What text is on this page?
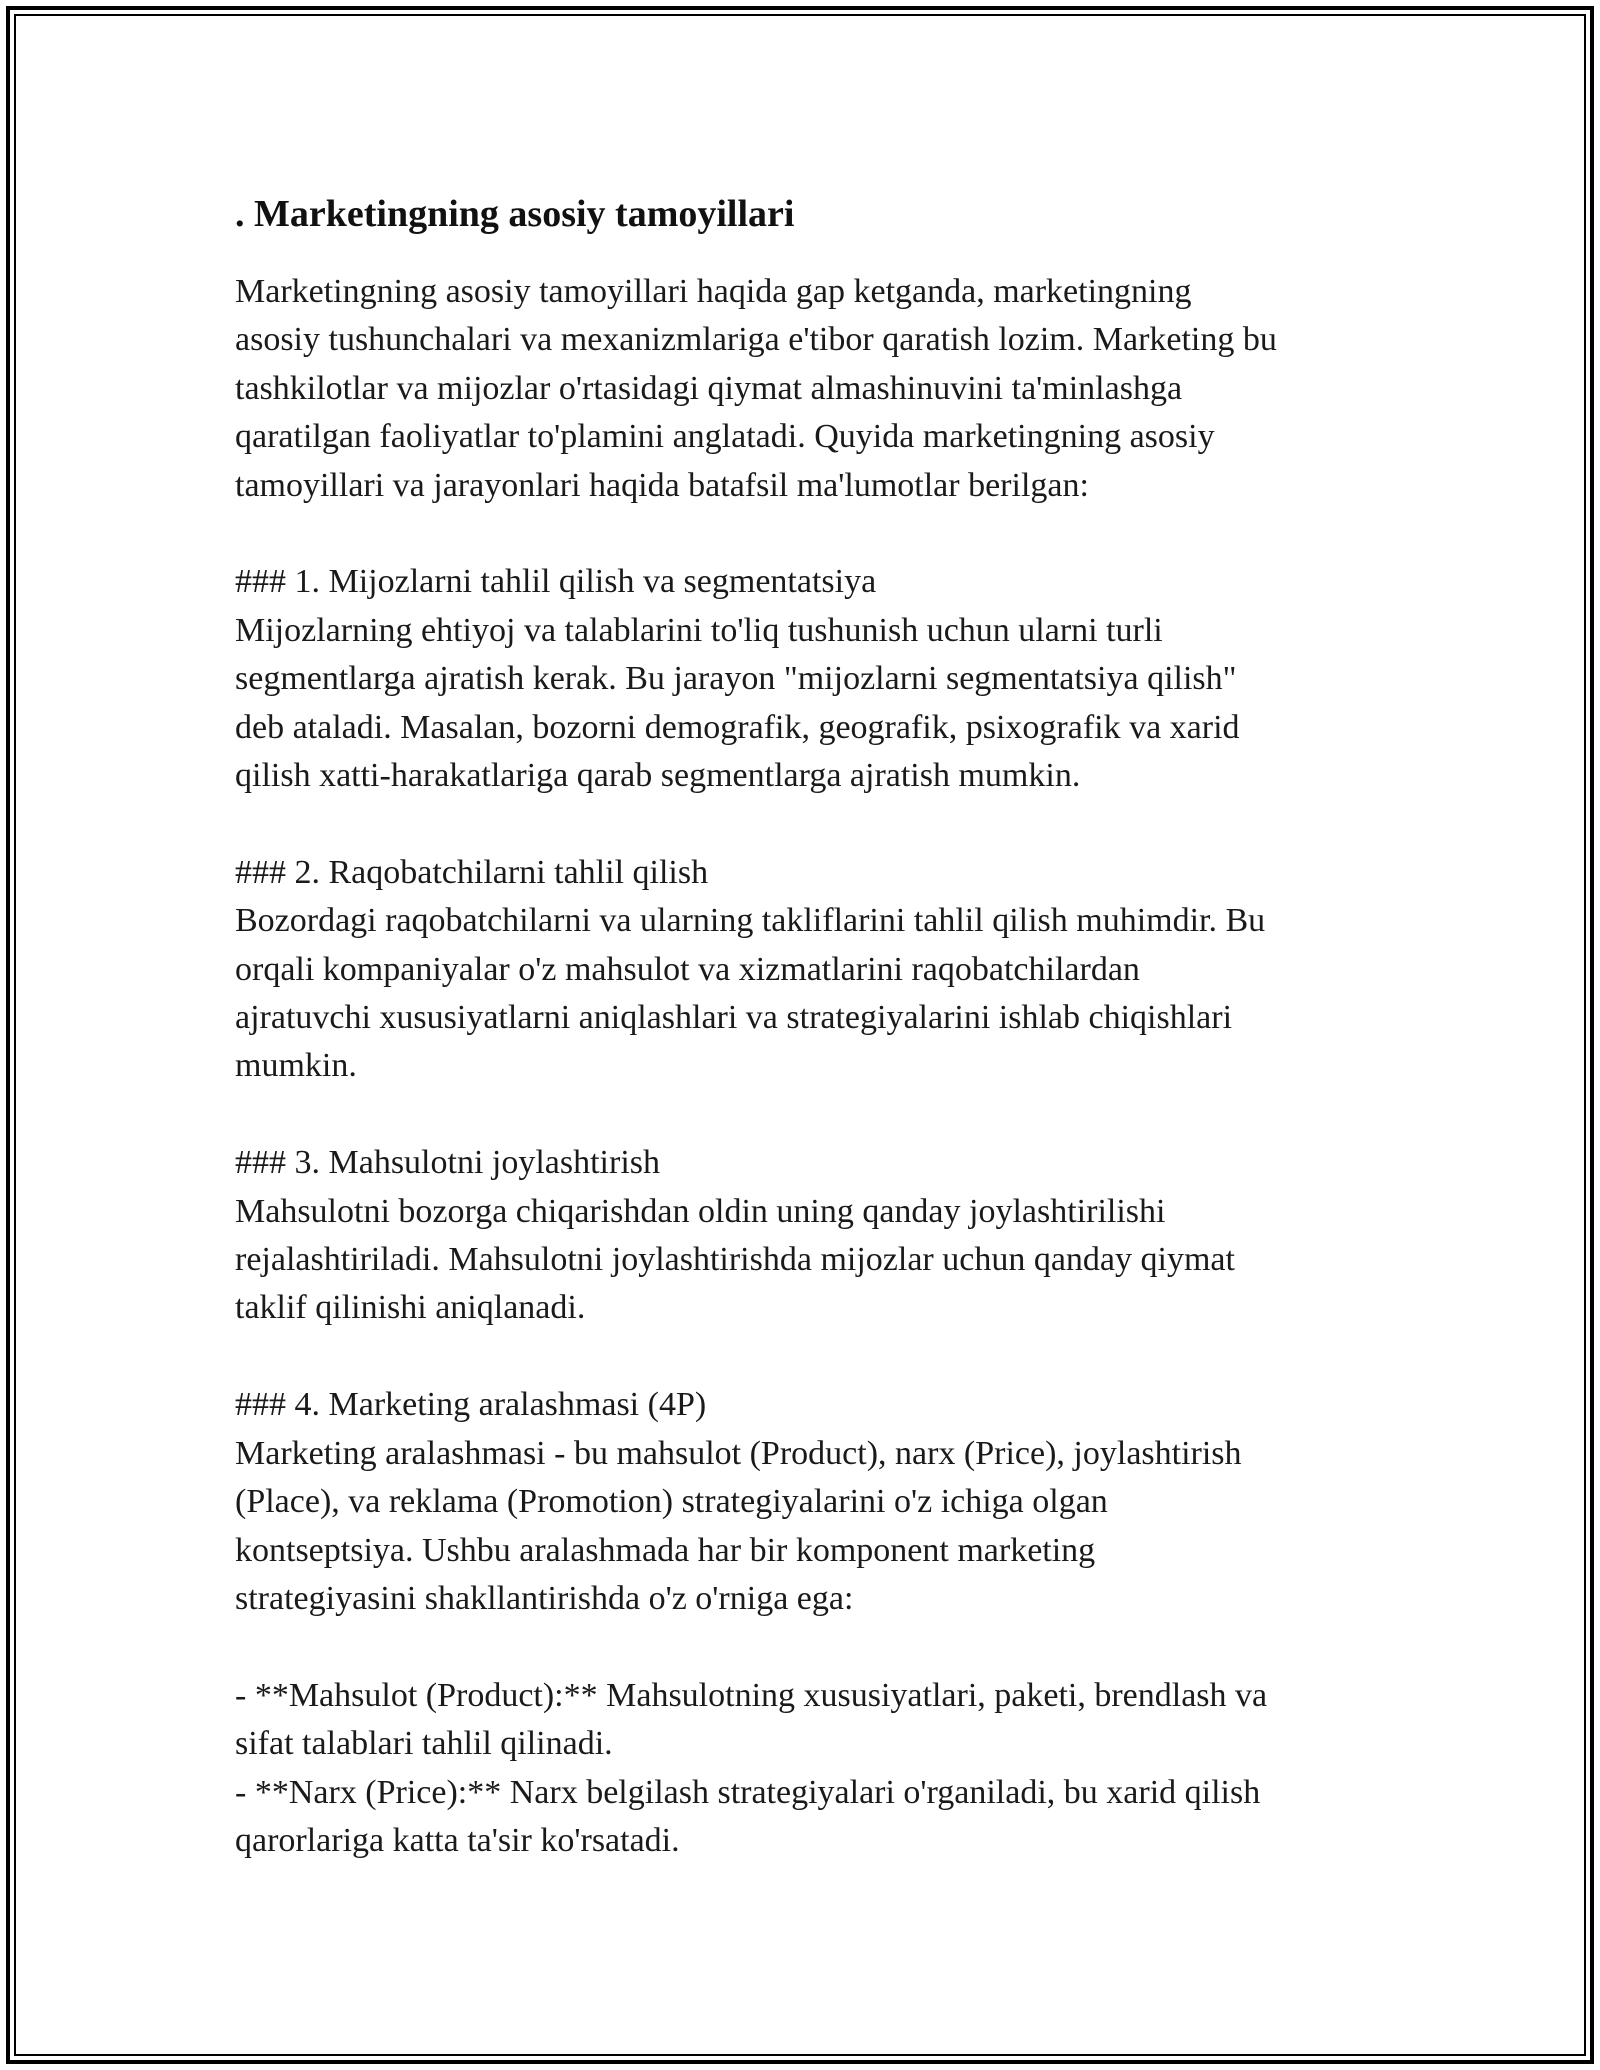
. Marketingning asosiy tamoyillari

Marketingning asosiy tamoyillari haqida gap ketganda, marketingning
asosiy tushunchalari va mexanizmlariga e'tibor qaratish lozim. Marketing bu
tashkilotlar va mijozlar o'rtasidagi qiymat almashinuvini ta'minlashga
qaratilgan faoliyatlar to'plamini anglatadi. Quyida marketingning asosiy
tamoyillari va jarayonlari haqida batafsil ma'lumotlar berilgan:

### 1. Mijozlarni tahlil qilish va segmentatsiya

Mijozlarning ehtiyoj va talablarini to'liq tushunish uchun ularni turli
segmentlarga ajratish kerak. Bu jarayon "mijozlarni segmentatsiya qilish"
deb ataladi. Masalan, bozorni demografik, geografik, psixografik va xarid
qilish xatti-harakatlariga qarab segmentlarga ajratish mumkin.

### 2. Raqobatchilarni tahlil qilish

Bozordagi raqobatchilarni va ularning takliflarini tahlil qilish muhimdir. Bu
orqali kompaniyalar o'z mahsulot va xizmatlarini raqobatchilardan
ajratuvchi xususiyatlarni aniqlashlari va strategiyalarini ishlab chiqishlari
mumkin.

### 3. Mahsulotni joylashtirish

Mahsulotni bozorga chiqarishdan oldin uning qanday joylashtirilishi
rejalashtiriladi. Mahsulotni joylashtirishda mijozlar uchun qanday qiymat
taklif qilinishi aniqlanadi.

### 4. Marketing aralashmasi (4P)

Marketing aralashmasi - bu mahsulot (Product), narx (Price), joylashtirish
(Place), va reklama (Promotion) strategiyalarini o'z ichiga olgan
kontseptsiya. Ushbu aralashmada har bir komponent marketing
strategiyasini shakllantirishda o'z o'rniga ega:

- **Mahsulot (Product):** Mahsulotning xususiyatlari, paketi, brendlash va
sifat talablari tahlil qilinadi.

- **Narx (Price):** Narx belgilash strategiyalari o'rganiladi, bu xarid qilish
qarorlariga katta ta'sir ko'rsatadi.
